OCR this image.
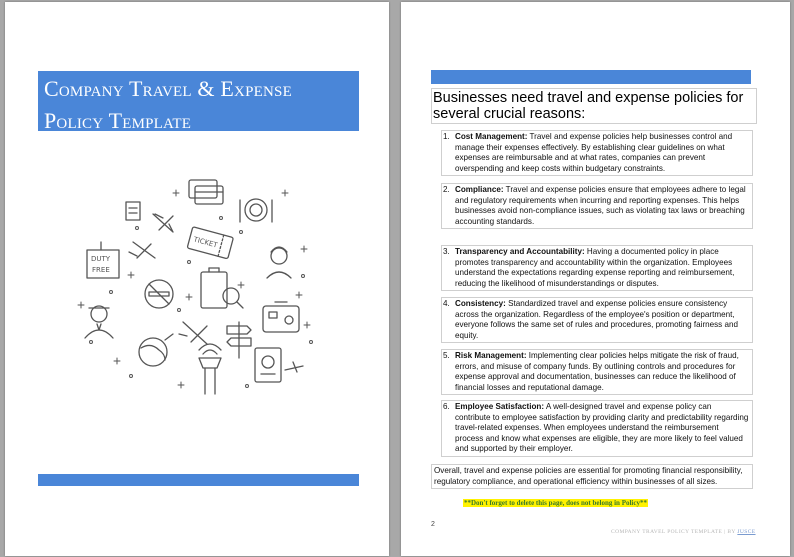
Company Travel & Expense
Policy Template
TICKET
DUTY
FREE
Businesses need travel and expense policies for several crucial reasons:
1. Cost Management: Travel and expense policies help businesses control and manage their expenses effectively. By establishing clear guidelines on what expenses are reimbursable and at what rates, companies can prevent overspending and keep costs within budgetary constraints.
2. Compliance: Travel and expense policies ensure that employees adhere to legal and regulatory requirements when incurring and reporting expenses. This helps businesses avoid non-compliance issues, such as violating tax laws or breaching accounting standards.
3. Transparency and Accountability: Having a documented policy in place promotes transparency and accountability within the organization. Employees understand the expectations regarding expense reporting and reimbursement, reducing the likelihood of misunderstandings or disputes.
4. Consistency: Standardized travel and expense policies ensure consistency across the organization. Regardless of the employee's position or department, everyone follows the same set of rules and procedures, promoting fairness and equity.
5. Risk Management: Implementing clear policies helps mitigate the risk of fraud, errors, and misuse of company funds. By outlining controls and procedures for expense approval and documentation, businesses can reduce the likelihood of financial losses and reputational damage.
6. Employee Satisfaction: A well-designed travel and expense policy can contribute to employee satisfaction by providing clarity and predictability regarding travel-related expenses. When employees understand the reimbursement process and know what expenses are eligible, they are more likely to feel valued and supported by their employer.
Overall, travel and expense policies are essential for promoting financial responsibility, regulatory compliance, and operational efficiency within businesses of all sizes.
**Don't forget to delete this page, does not belong in Policy**
2
COMPANY TRAVEL POLICY TEMPLATE | BY JUSCE
